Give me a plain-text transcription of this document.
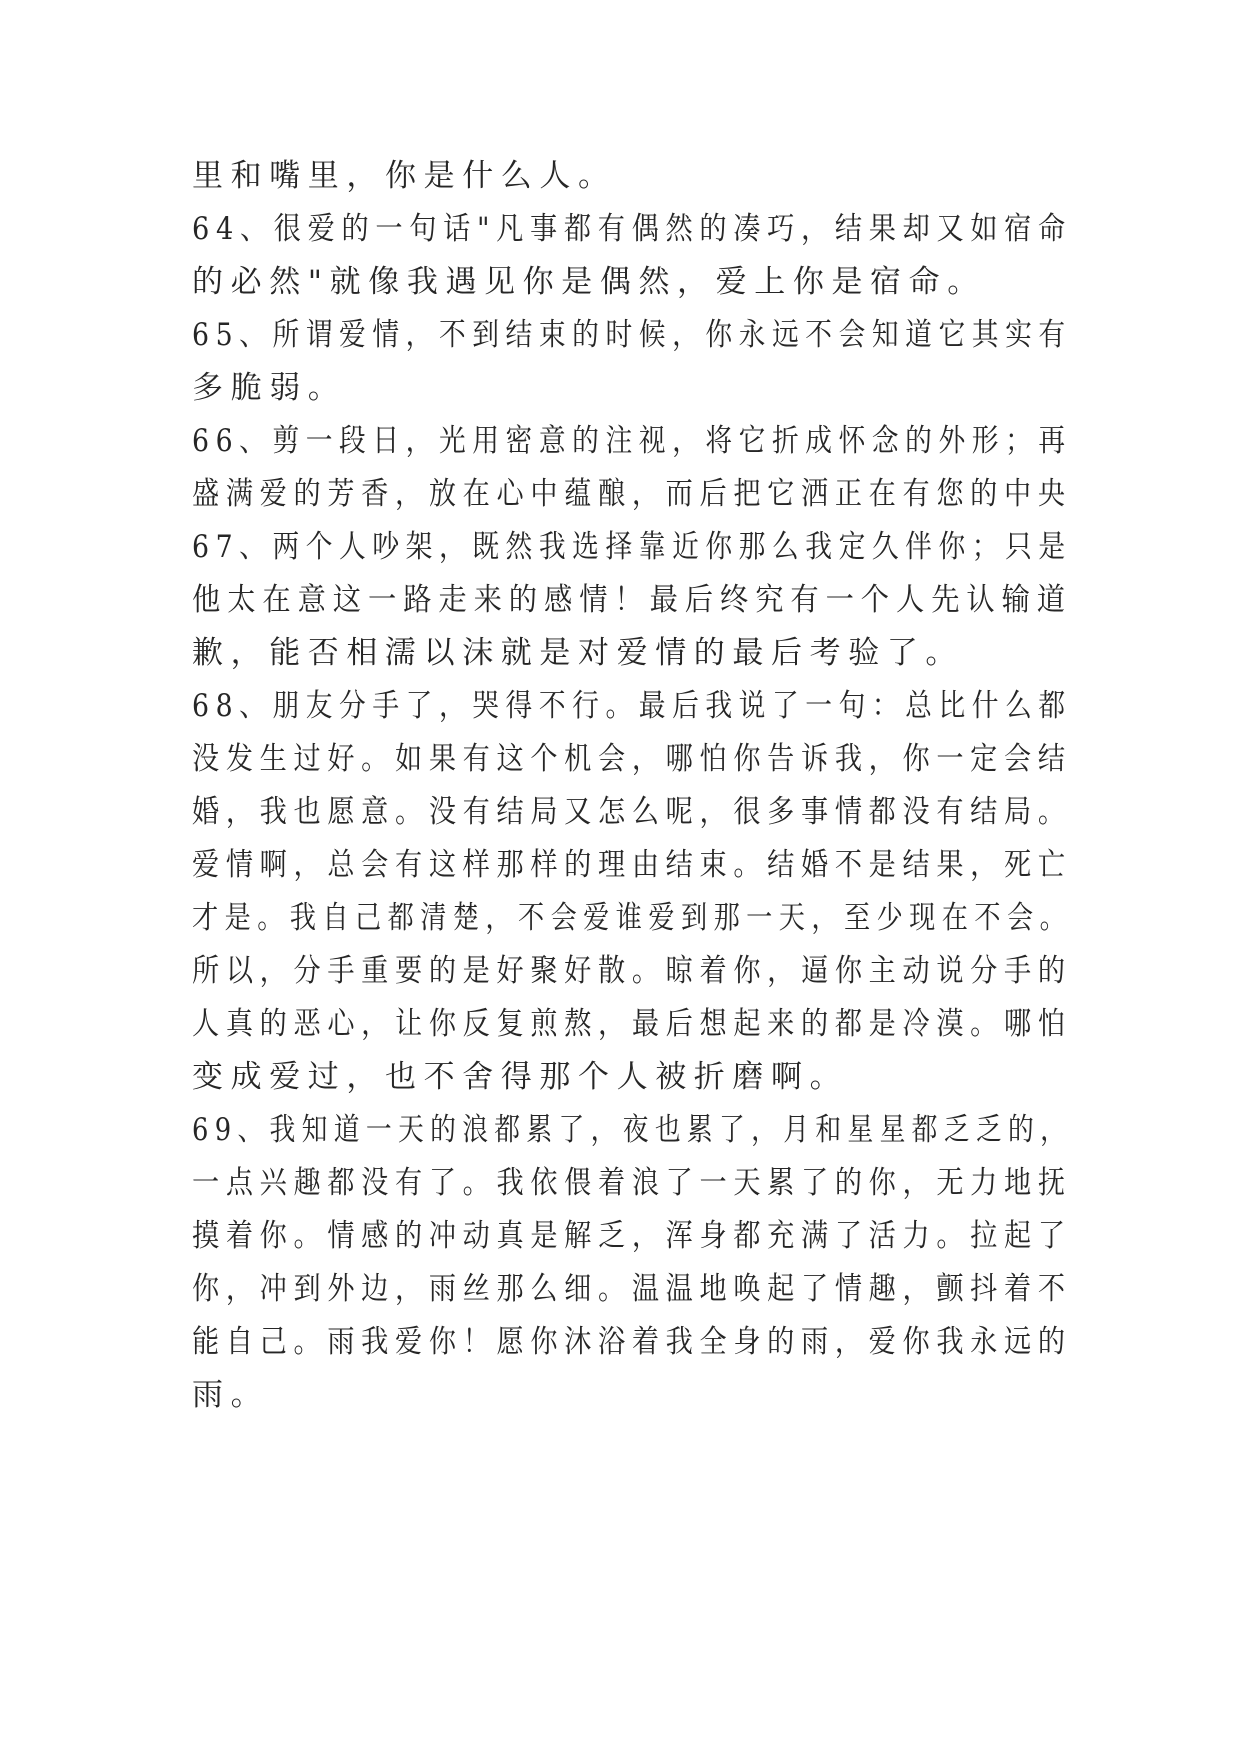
里和嘴里，你是什么人。
64、很爱的一句话"凡事都有偶然的凑巧，结果却又如宿命
的必然"就像我遇见你是偶然，爱上你是宿命。
65、所谓爱情，不到结束的时候，你永远不会知道它其实有
多脆弱。
66、剪一段日，光用密意的注视，将它折成怀念的外形；再
盛满爱的芳香，放在心中蕴酿，而后把它洒正在有您的中央
67、两个人吵架，既然我选择靠近你那么我定久伴你；只是
他太在意这一路走来的感情！最后终究有一个人先认输道
歉，能否相濡以沫就是对爱情的最后考验了。
68、朋友分手了，哭得不行。最后我说了一句：总比什么都
没发生过好。如果有这个机会，哪怕你告诉我，你一定会结
婚，我也愿意。没有结局又怎么呢，很多事情都没有结局。
爱情啊，总会有这样那样的理由结束。结婚不是结果，死亡
才是。我自己都清楚，不会爱谁爱到那一天，至少现在不会。
所以，分手重要的是好聚好散。晾着你，逼你主动说分手的
人真的恶心，让你反复煎熬，最后想起来的都是冷漠。哪怕
变成爱过，也不舍得那个人被折磨啊。
69、我知道一天的浪都累了，夜也累了，月和星星都乏乏的，
一点兴趣都没有了。我依偎着浪了一天累了的你，无力地抚
摸着你。情感的冲动真是解乏，浑身都充满了活力。拉起了
你，冲到外边，雨丝那么细。温温地唤起了情趣，颤抖着不
能自己。雨我爱你！愿你沐浴着我全身的雨，爱你我永远的
雨。
